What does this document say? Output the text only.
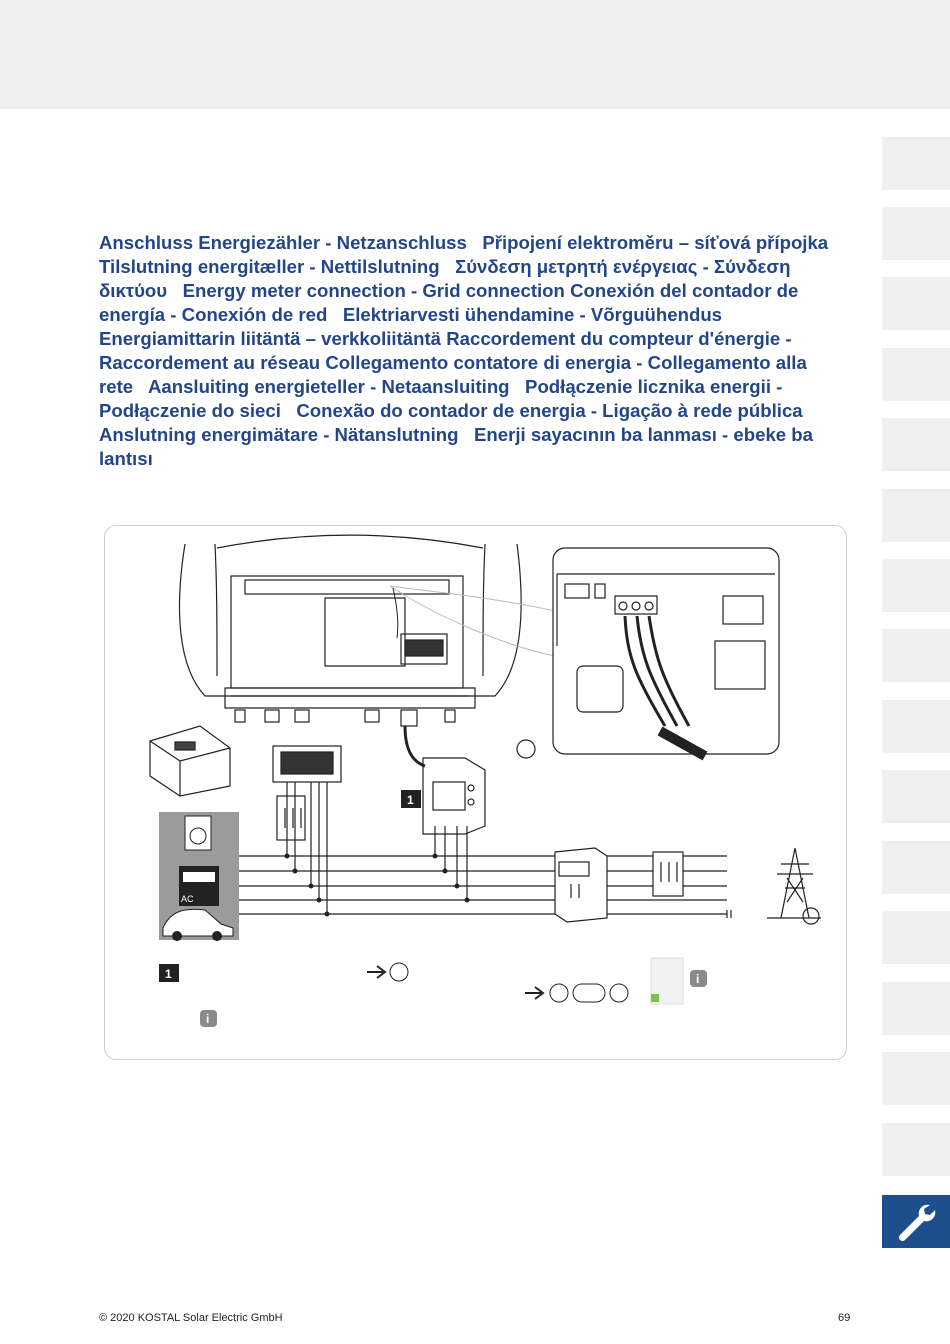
Anschluss Energiezähler - Netzanschluss Připojení elektroměru – síťová přípojka   Tilslutning energitæller - Nettilslutning Σύνδεση μετρητή ενέργειας - Σύνδεση δικτύου Energy meter connection - Grid connection Conexión del contador de energía - Conexión de red Elektriarvesti ühendamine - Võrguühendus   Energiamittarin liitäntä – verkkoliitäntä Raccordement du compteur d'énergie - Raccordement au réseau Collegamento contatore di energia - Collegamento alla rete Aansluiting energieteller - Netaansluiting Podłączenie licznika energii - Podłączenie do sieci Conexão do contador de energia - Ligação à rede pública Anslutning energimätare - Nätanslutning Enerji sayacının ba lanması - ebeke ba lantısı
AC
1
1	i
i
© 2020 KOSTAL Solar Electric GmbH	69
